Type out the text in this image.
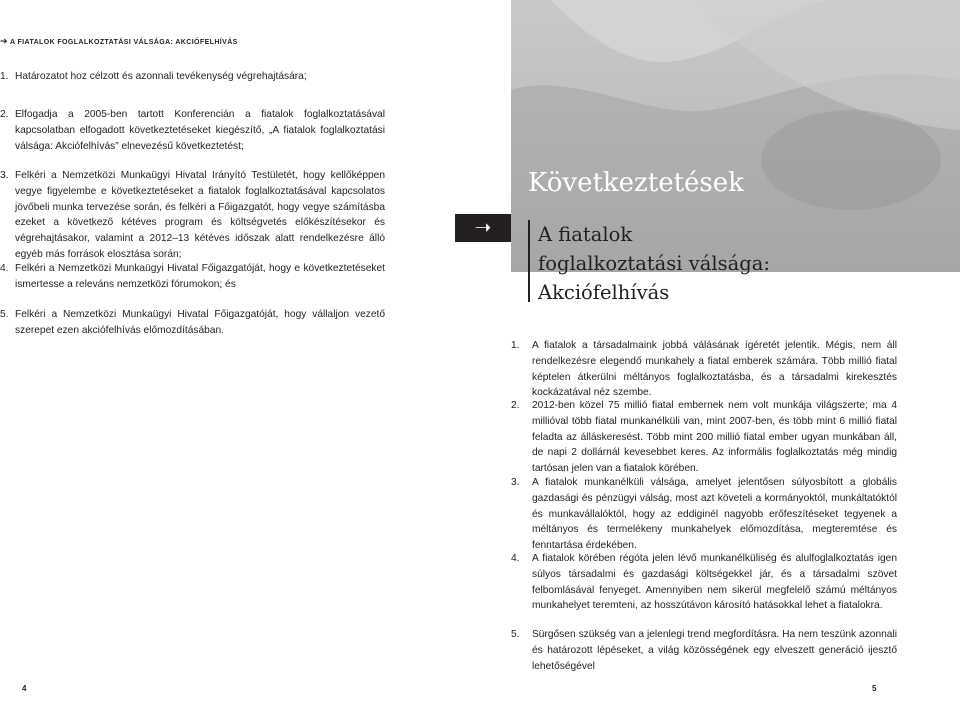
➔ A FIATALOK FOGLALKOZTATÁSI VÁLSÁGA: AKCIÓFELHÍVÁS
1. Határozatot hoz célzott és azonnali tevékenység végrehajtására;
2. Elfogadja a 2005-ben tartott Konferencián a fiatalok foglalkoztatásával kapcsolatban elfogadott következtetéseket kiegészítő, „A fiatalok foglalkoztatási válsága: Akciófelhívás” elnevezésű következtetést;
3. Felkéri a Nemzetközi Munkaügyi Hivatal Irányító Testületét, hogy kellőképpen vegye figyelembe e következtetéseket a fiatalok foglalkoztatásával kapcsolatos jövőbeli munka tervezése során, és felkéri a Főigazgatót, hogy vegye számításba ezeket a következő kétéves program és költségvetés előkészítésekor és végrehajtásakor, valamint a 2012–13 kétéves időszak alatt rendelkezésre álló egyéb más források elosztása során;
4. Felkéri a Nemzetközi Munkaügyi Hivatal Főigazgatóját, hogy e következtetéseket ismertesse a releváns nemzetközi fórumokon; és
5. Felkéri a Nemzetközi Munkaügyi Hivatal Főigazgatóját, hogy vállaljon vezető szerepet ezen akciófelhívás előmozdításában.
4
➝
Következtetések
A fiatalok foglalkoztatási válsága: Akciófelhívás
1.	A fiatalok a társadalmaink jobbá válásának ígéretét jelentik. Mégis, nem áll rendelkezésre elegendő munkahely a fiatal emberek számára. Több millió fiatal képtelen átkerülni méltányos foglalkoztatásba, és a társadalmi kirekesztés kockázatával néz szembe.
2.	2012-ben közel 75 millió fiatal embernek nem volt munkája világszerte; ma 4 millióval több fiatal munkanélküli van, mint 2007-ben, és több mint 6 millió fiatal feladta az álláskeresést. Több mint 200 millió fiatal ember ugyan munkában áll, de napi 2 dollárnál kevesebbet keres. Az informális foglalkoztatás még mindig tartósan jelen van a fiatalok körében.
3.	A fiatalok munkanélküli válsága, amelyet jelentősen súlyosbított a globális gazdasági és pénzügyi válság, most azt követeli a kormányoktól, munkáltatóktól és munkavállalóktól, hogy az eddiginél nagyobb erőfeszítéseket tegyenek a méltányos és termelékeny munkahelyek előmozdítása, megteremtése és fenntartása érdekében.
4.	A fiatalok körében régóta jelen lévő munkanélküliség és alulfoglalkoztatás igen súlyos társadalmi és gazdasági költségekkel jár, és a társadalmi szövet felbomlásával fenyeget. Amennyiben nem sikerül megfelelő számú méltányos munkahelyet teremteni, az hosszútávon károsító hatásokkal lehet a fiatalokra.
5.	Sürgősen szükség van a jelenlegi trend megfordításra. Ha nem teszünk azonnali és határozott lépéseket, a világ közösségének egy elveszett generáció ijesztő lehetőségével
5
